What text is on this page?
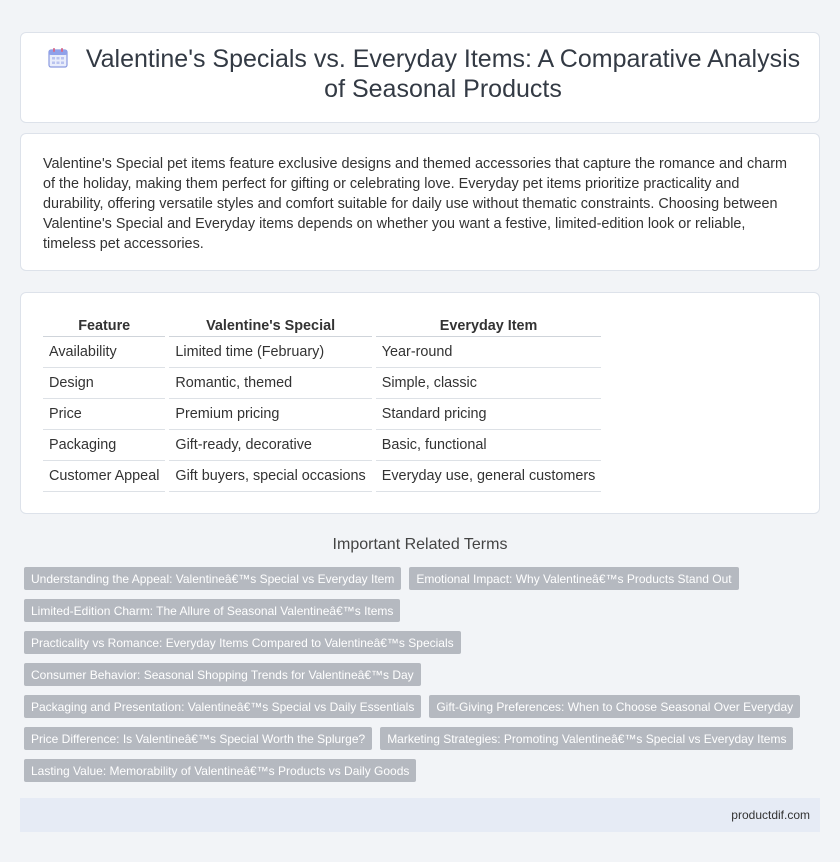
Valentine's Specials vs. Everyday Items: A Comparative Analysis of Seasonal Products

Valentine's Special pet items feature exclusive designs and themed accessories that capture the romance and charm of the holiday, making them perfect for gifting or celebrating love. Everyday pet items prioritize practicality and durability, offering versatile styles and comfort suitable for daily use without thematic constraints. Choosing between Valentine's Special and Everyday items depends on whether you want a festive, limited-edition look or reliable, timeless pet accessories.

Feature	Valentine's Special	Everyday Item
Availability	Limited time (February)	Year-round
Design	Romantic, themed	Simple, classic
Price	Premium pricing	Standard pricing
Packaging	Gift-ready, decorative	Basic, functional
Customer Appeal	Gift buyers, special occasions	Everyday use, general customers
Important Related Terms
Understanding the Appeal: Valentineâ€™s Special vs Everyday Item	Emotional Impact: Why Valentineâ€™s Products Stand Out
Limited-Edition Charm: The Allure of Seasonal Valentineâ€™s Items
Practicality vs Romance: Everyday Items Compared to Valentineâ€™s Specials
Consumer Behavior: Seasonal Shopping Trends for Valentineâ€™s Day
Packaging and Presentation: Valentineâ€™s Special vs Daily Essentials	Gift-Giving Preferences: When to Choose Seasonal Over Everyday
Price Difference: Is Valentineâ€™s Special Worth the Splurge?	Marketing Strategies: Promoting Valentineâ€™s Special vs Everyday Items
Lasting Value: Memorability of Valentineâ€™s Products vs Daily Goods
productdif.com
